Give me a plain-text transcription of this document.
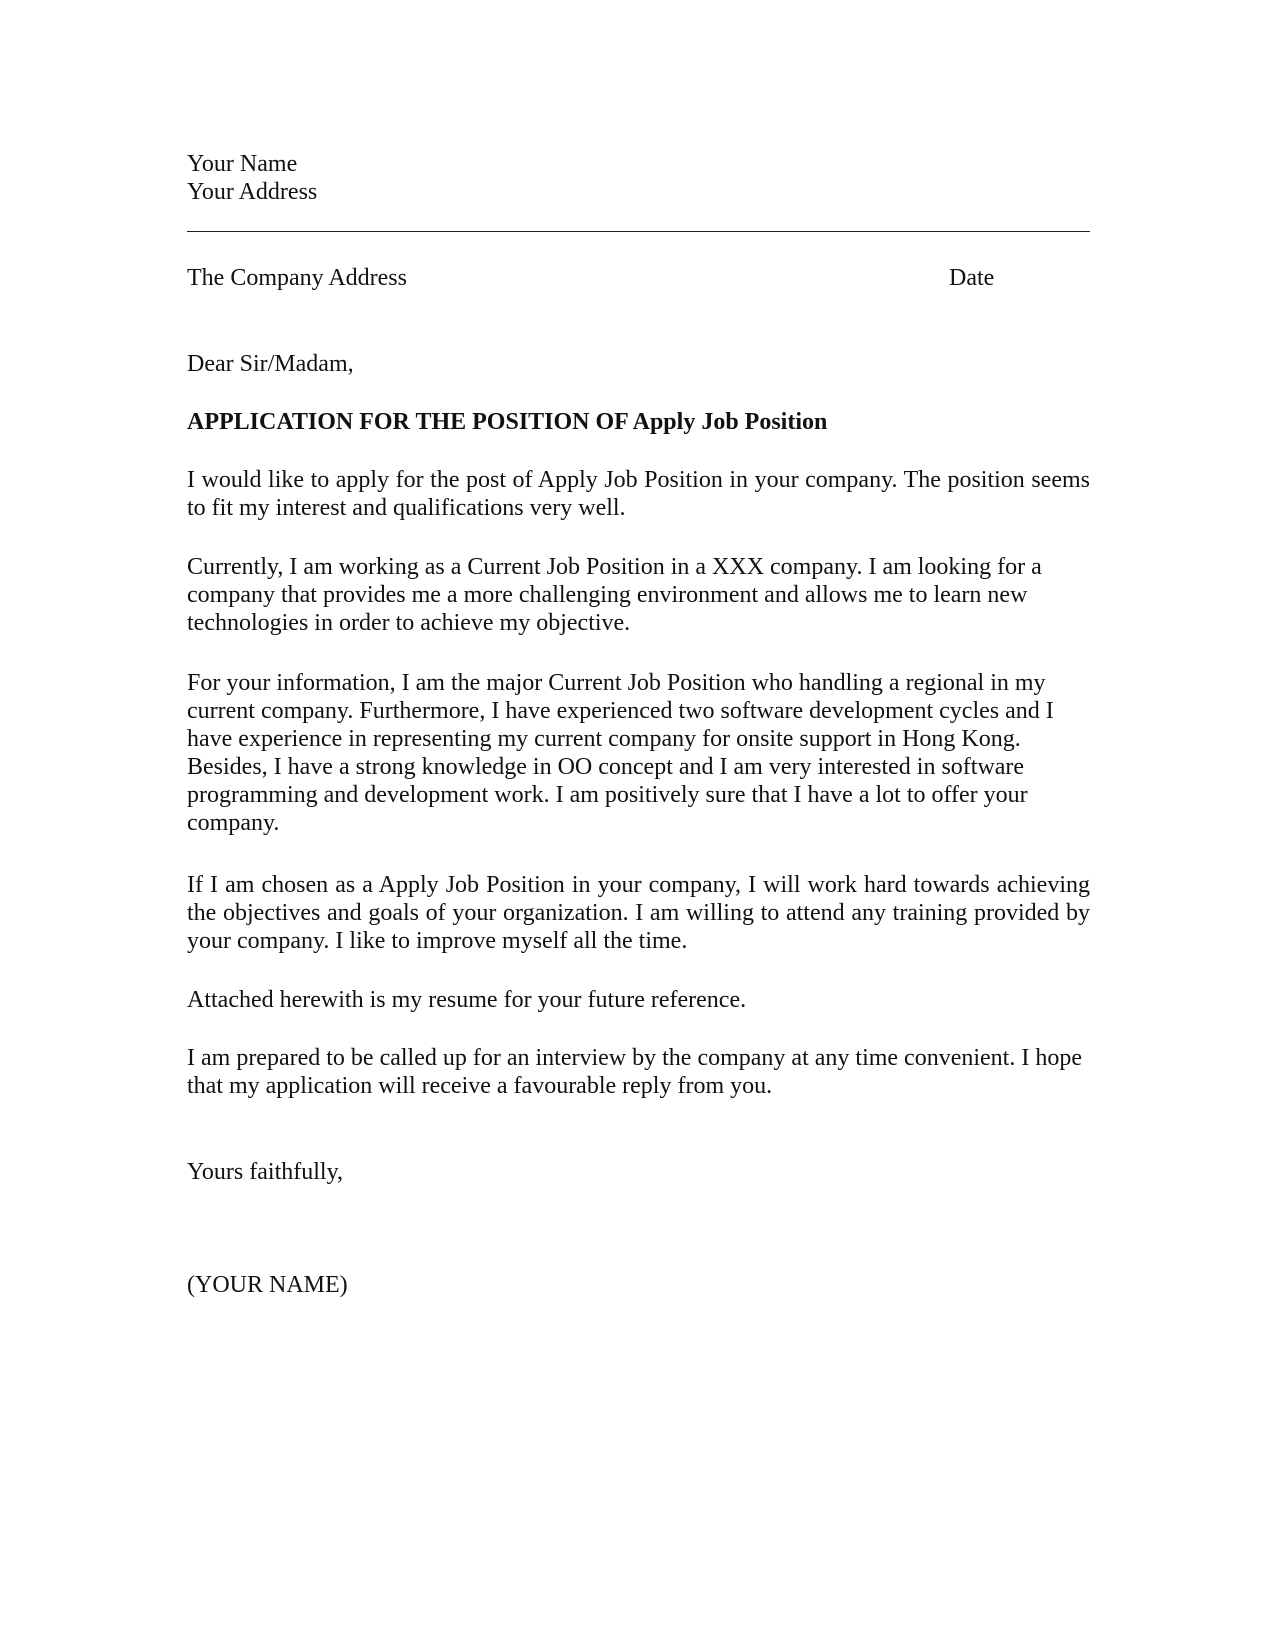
Your Name
Your Address
The Company Address	Date
Dear Sir/Madam,
APPLICATION FOR THE POSITION OF Apply Job Position

I would like to apply for the post of Apply Job Position in your company. The position seems to fit my interest and qualifications very well.

Currently, I am working as a Current Job Position in a XXX company. I am looking for a company that provides me a more challenging environment and allows me to learn new technologies in order to achieve my objective.

For your information, I am the major Current Job Position who handling a regional in my current company. Furthermore, I have experienced two software development cycles and I have experience in representing my current company for onsite support in Hong Kong. Besides, I have a strong knowledge in OO concept and I am very interested in software programming and development work. I am positively sure that I have a lot to offer your company.

If I am chosen as a Apply Job Position in your company, I will work hard towards achieving the objectives and goals of your organization. I am willing to attend any training provided by your company. I like to improve myself all the time.

Attached herewith is my resume for your future reference.

I am prepared to be called up for an interview by the company at any time convenient. I hope that my application will receive a favourable reply from you.

Yours faithfully,
(YOUR NAME)
